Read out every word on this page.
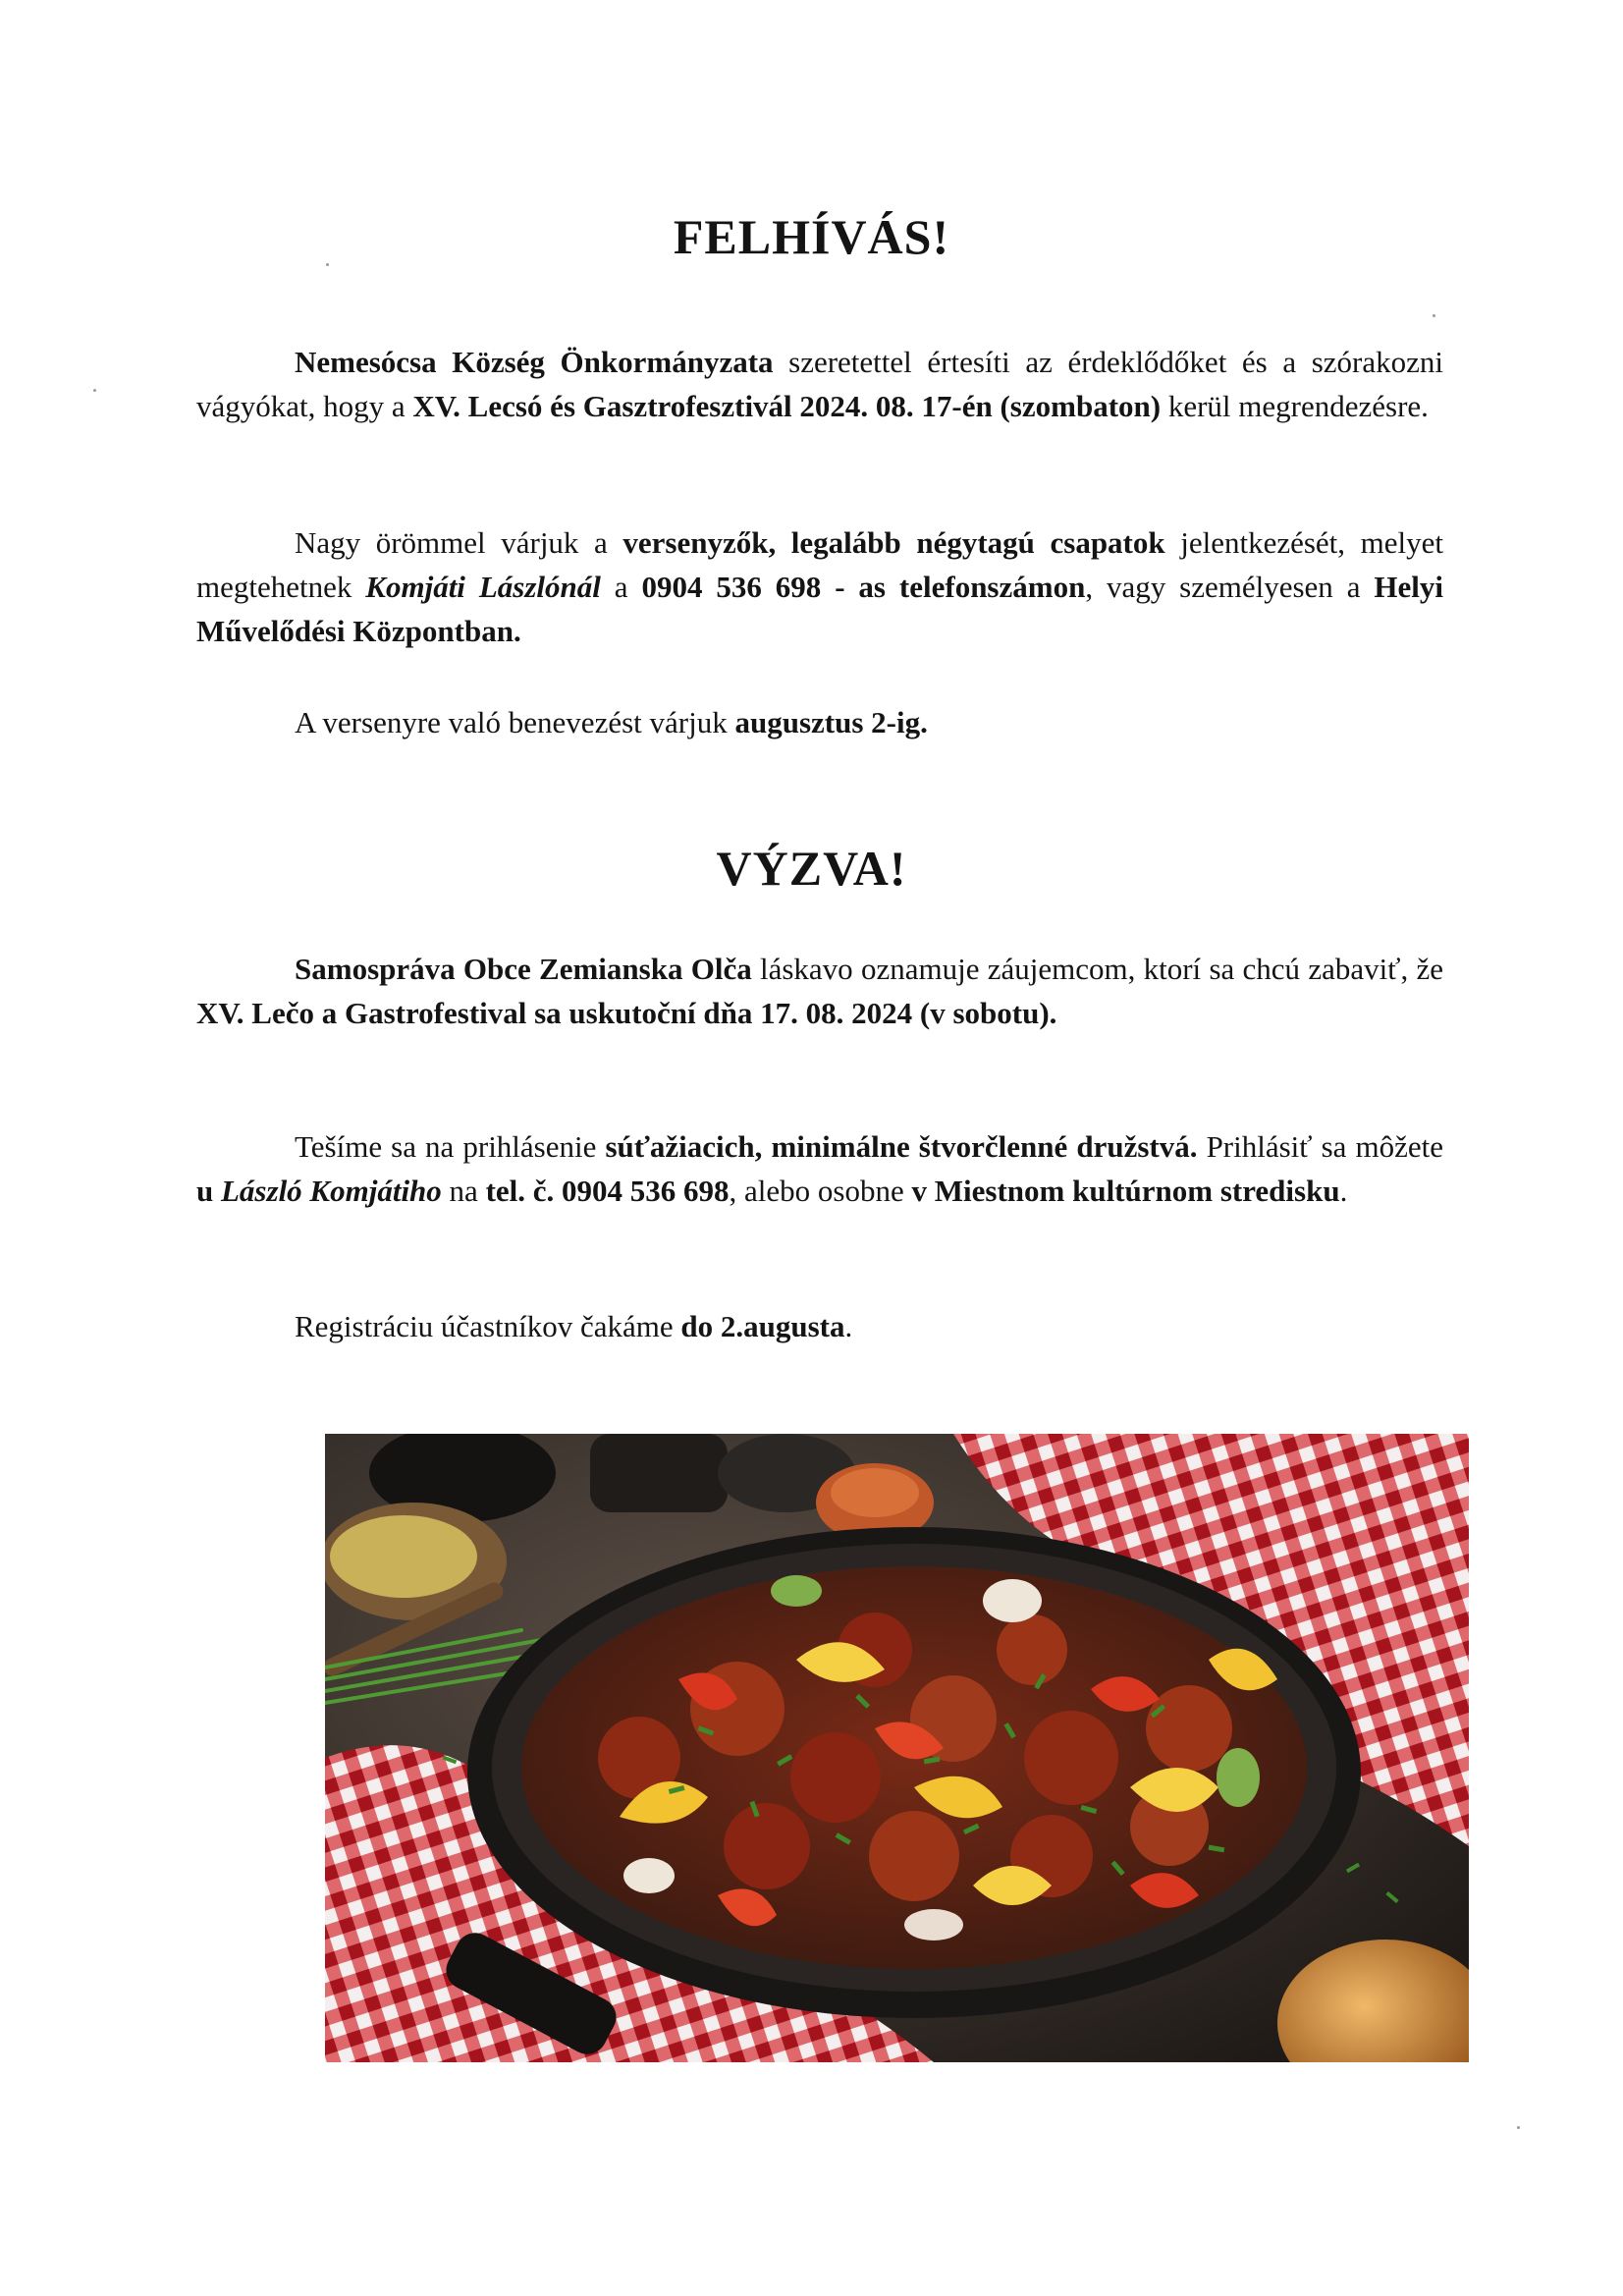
FELHÍVÁS!

Nemesócsa Község Önkormányzata szeretettel értesíti az érdeklődőket és a szórakozni vágyókat, hogy a XV. Lecsó és Gasztrofesztivál 2024. 08. 17-én (szombaton) kerül megrendezésre.

Nagy örömmel várjuk a versenyzők, legalább négytagú csapatok jelentkezését, melyet megtehetnek Komjáti Lászlónál a 0904 536 698 - as telefonszámon, vagy személyesen a Helyi Művelődési Központban.

A versenyre való benevezést várjuk augusztus 2-ig.

VÝZVA!

Samospráva Obce Zemianska Olča láskavo oznamuje záujemcom, ktorí sa chcú zabaviť, že XV. Lečo a Gastrofestival sa uskutoční dňa 17. 08. 2024 (v sobotu).

Tešíme sa na prihlásenie súťažiacich, minimálne štvorčlenné družstvá. Prihlásiť sa môžete u László Komjátiho na tel. č. 0904 536 698, alebo osobne v Miestnom kultúrnom stredisku.

Registráciu účastníkov čakáme do 2.augusta.
